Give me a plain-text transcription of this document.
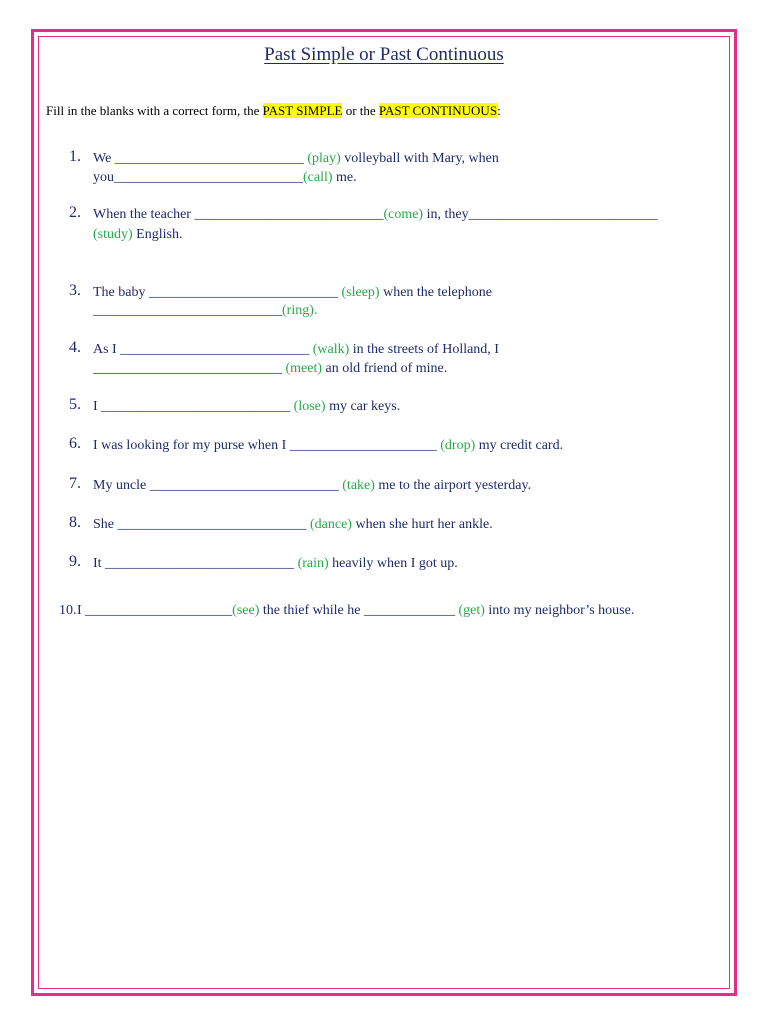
Past Simple or Past Continuous
Fill in the blanks with a correct form, the PAST SIMPLE or the PAST CONTINUOUS:
1. We ___________________________ (play) volleyball with Mary, when
you___________________________(call) me.
2. When the teacher ___________________________(come) in, they___________________________
(study) English.
3. The baby ___________________________ (sleep) when the telephone
___________________________(ring).
4. As I ___________________________ (walk) in the streets of Holland, I
___________________________ (meet) an old friend of mine.
5. I ___________________________ (lose) my car keys.
6. I was looking for my purse when I _____________________ (drop) my credit card.
7. My uncle ___________________________ (take) me to the airport yesterday.
8. She ___________________________ (dance) when she hurt her ankle.
9. It ___________________________ (rain) heavily when I got up.
10. I _____________________(see) the thief while he _____________ (get) into my neighbor’s house.
